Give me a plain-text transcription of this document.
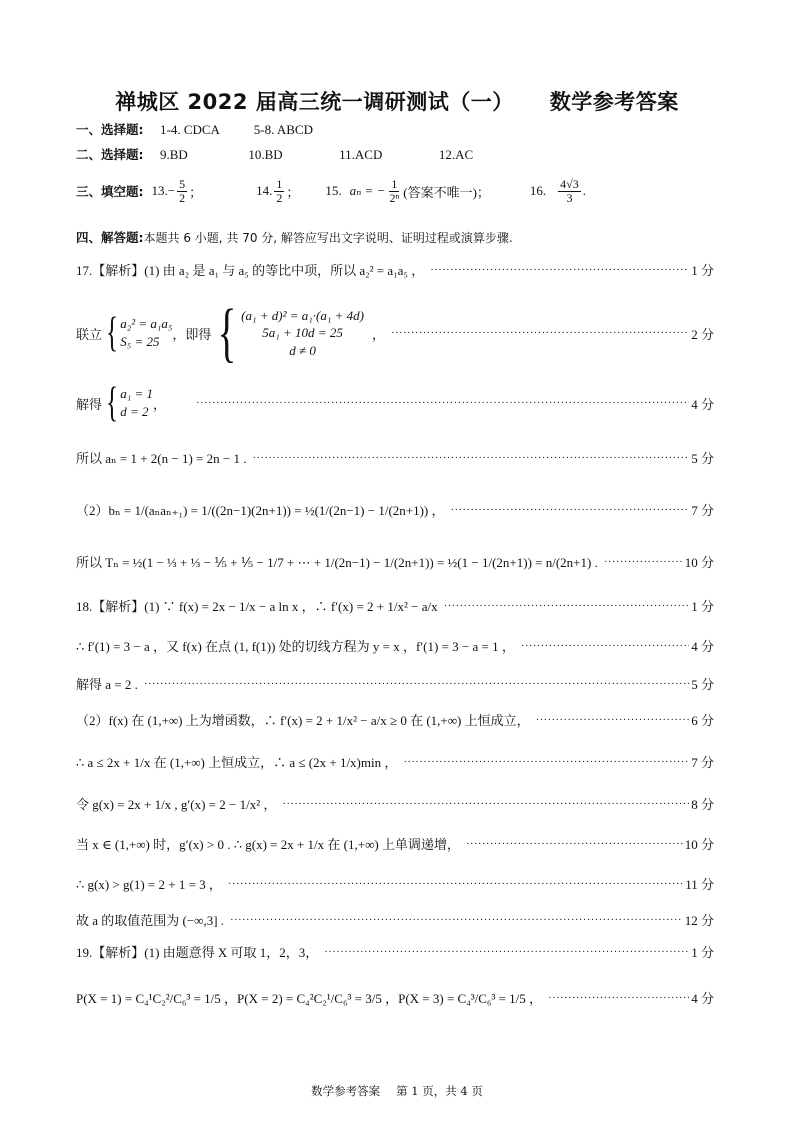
禅城区 2022 届高三统一调研测试（一） 数学参考答案
一、选择题: 1-4. CDCA	5-8. ABCD
二、选择题: 9.BD	10.BD	11.ACD	12.AC
三、填空题: 13. − $\frac{5}{2}$ ；	14. $\frac{1}{2}$ ； 15. aₙ = − $\frac{1}{\text{2ⁿ}}$ (答案不唯一)；	16. $\frac{4√3}{3}$ .
四、解答题:本题共 6 小题, 共 70 分, 解答应写出文字说明、证明过程或演算步骤.
17.【解析】(1) 由 a₂ 是 a₁ 与 a₅ 的等比中项，所以 a₂² = a₁a₅ ， ·····	1 分
联立 { a₂² = a₁a₅
S₅ = 25 ，即得 { (a₁ + d)² = a₁·(a₁ + 4d)
5a₁ + 10d = 25
d ≠ 0
， ·····	2 分
解得 { a₁ = 1
d = 2 ， ·····	4 分
所以 aₙ = 1 + 2(n − 1) = 2n − 1 . ·····	5 分
（2）bₙ = 1/(aₙaₙ₊₁) = 1/((2n−1)(2n+1)) = ½(1/(2n−1) − 1/(2n+1)) ， ·····	7 分
所以 Tₙ = ½(1 − ⅓ + ⅓ − ⅕ + ⅕ − 1/7 + ⋯ + 1/(2n−1) − 1/(2n+1)) = ½(1 − 1/(2n+1)) = n/(2n+1) . ·····	10 分
18.【解析】(1) ∵ f(x) = 2x − 1/x − a ln x ，∴ f′(x) = 2 + 1/x² − a/x ·····	1 分
∴ f′(1) = 3 − a ，又 f(x) 在点 (1, f(1)) 处的切线方程为 y = x ，f′(1) = 3 − a = 1 ， ·····	4 分
解得 a = 2 . ·····	5 分
（2）f(x) 在 (1,+∞) 上为增函数，∴ f′(x) = 2 + 1/x² − a/x ≥ 0 在 (1,+∞) 上恒成立， ·····	6 分
∴ a ≤ 2x + 1/x 在 (1,+∞) 上恒成立，∴ a ≤ (2x + 1/x)min ， ·····	7 分
令 g(x) = 2x + 1/x , g′(x) = 2 − 1/x² ， ·····	8 分
当 x ∈ (1,+∞) 时，g′(x) > 0 . ∴ g(x) = 2x + 1/x 在 (1,+∞) 上单调递增， ·····	10 分
∴ g(x) > g(1) = 2 + 1 = 3 ， ·····	11 分
故 a 的取值范围为 (−∞,3] . ·····	12 分
19.【解析】(1) 由题意得 X 可取 1，2，3， ·····	1 分
P(X = 1) = C₄¹C₂²/C₆³ = 1/5 ，P(X = 2) = C₄²C₂¹/C₆³ = 3/5 ，P(X = 3) = C₄³/C₆³ = 1/5 ， ·····	4 分
数学参考答案 第 1 页，共 4 页
